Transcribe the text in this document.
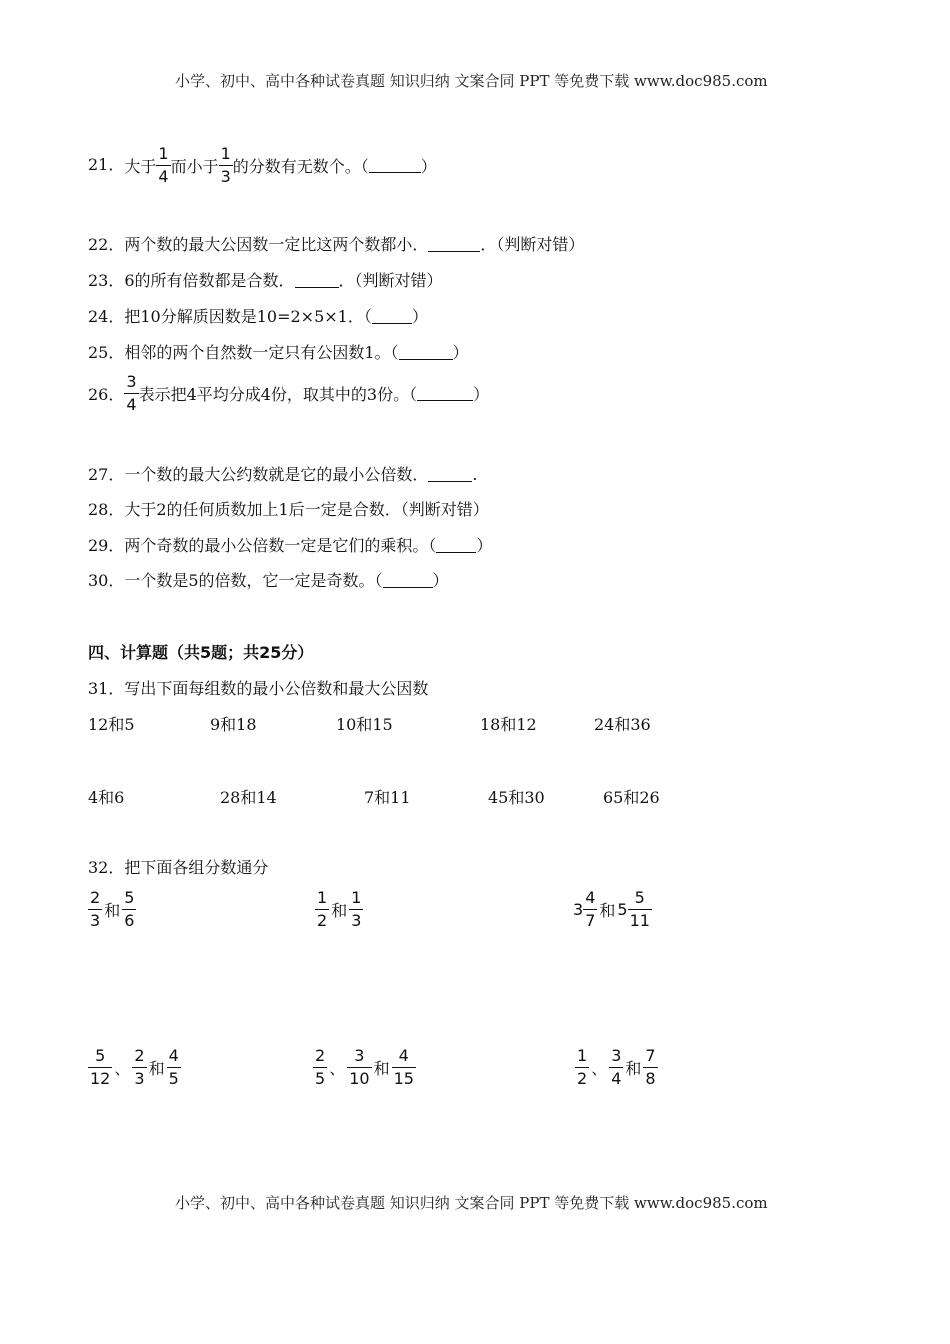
小学、初中、高中各种试卷真题 知识归纳 文案合同 PPT 等免费下载 www.doc985.com
21．大于 $\frac{1}{4}$ 而小于 $\frac{1}{3}$ 的分数有无数个。（	）
22．两个数的最大公因数一定比这两个数都小．	．（判断对错）
23．6的所有倍数都是合数．	．（判断对错）
24．把10分解质因数是10=2×5×1．（	）
25．相邻的两个自然数一定只有公因数1。（	）
26． $\frac{3}{4}$ 表示把4平均分成4份，取其中的3份。（	）
27．一个数的最大公约数就是它的最小公倍数．	.
28．大于2的任何质数加上1后一定是合数．（判断对错）
29．两个奇数的最小公倍数一定是它们的乘积。（	）
30．一个数是5的倍数，它一定是奇数。（	）
四、计算题（共5题；共25分）
31．写出下面每组数的最小公倍数和最大公因数
12和5	9和18	10和15	18和12	24和36
4和6	28和14	7和11	45和30	65和26
32．把下面各组分数通分
$\frac{2}{3}$ 和 $\frac{5}{6}$	$\frac{1}{2}$ 和 $\frac{1}{3}$	$3 \frac{4}{7}$ 和 $5 \frac{5}{11}$
$\frac{5}{12}$ 、 $\frac{2}{3}$ 和 $\frac{4}{5}$	$\frac{2}{5}$ 、 $\frac{3}{10}$ 和 $\frac{4}{15}$	$\frac{1}{2}$ 、 $\frac{3}{4}$ 和 $\frac{7}{8}$
小学、初中、高中各种试卷真题 知识归纳 文案合同 PPT 等免费下载 www.doc985.com
